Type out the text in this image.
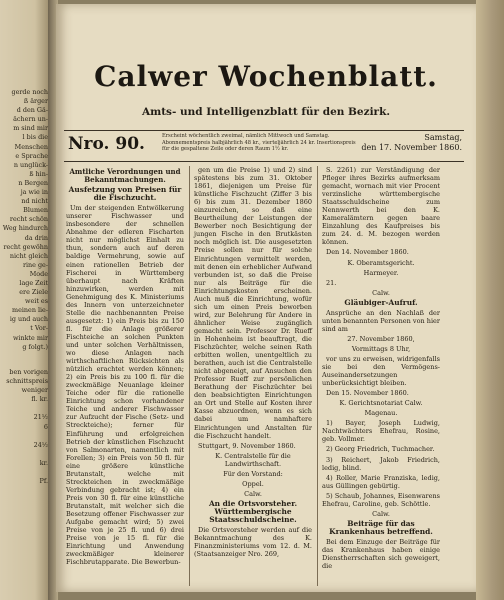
gerde noch
ß ärger
d den Gä-
ächern un-
m sind mir
l bis die
Menschen
e Sprache
n unglück-
ß hin-
n Bergen
ja wie in
nd nicht
Blumen
recht schön
Weg hindurch
da drin
recht gewöhn
nicht gleich
rine ge-
Mode
lage Zeit
ere Ziele
weit es
meinen lie-
ig und auch
t Vor-
winkte mir
g folgt.)
ben vorigen
schnittspreis
weniger
fl. kr.

21½
6

24½

kr.

Pf.
Calwer Wochenblatt.
Amts- und Intelligenzblatt für den Bezirk.
Nro. 90.	Erscheint wöchentlich zweimal, nämlich Mittwoch und Samstag. Abonnementspreis halbjährlich 48 kr., vierteljährlich 24 kr. Insertionspreis für die gespaltene Zeile oder deren Raum 1½ kr.
Samstag,
den 17. November 1860.

Amtliche Verordnungen und Bekanntmachungen.

Ausfetzung von Preisen für die Fischzucht.

Um der steigenden Entwölkerung unserer Fischwasser und insbesondere der schnellen Abnahme der edleren Fischarten nicht nur möglichst Einhalt zu thun, sondern auch auf deren baldige Vermehrung, sowie auf einen rationellen Betrieb der Fischerei in Württemberg überhaupt nach Kräften hinzuwirken, werden mit Genehmigung des K. Ministeriums des Innern von unterzeichneter Stelle die nachbenannten Preise ausgesetzt: 1) ein Preis bis zu 150 fl. für die Anlage größerer Fischteiche an solchen Punkten und unter solchen Verhältnissen, wo diese Anlagen nach wirthschaftlichen Rücksichten als nützlich erachtet werden können; 2) ein Preis bis zu 100 fl. für die zweckmäßige Neuanlage kleiner Teiche oder für die rationelle Einrichtung schon vorhandener Teiche und anderer Fischwasser zur Aufzucht der Fische (Setz- und Streckteiche); ferner für Einführung und erfolgreichen Betrieb der künstlichen Fischzucht von Salmonarten, namentlich mit Forellen; 3) ein Preis von 50 fl. für eine größere künstliche Brutanstalt, welche mit Streckteichen in zweckmäßige Verbindung gebracht ist; 4) ein Preis von 30 fl. für eine künstliche Brutanstalt, mit welcher sich die Besetzung offener Fischwasser zur Aufgabe gemacht wird; 5) zwei Preise von je 25 fl. und 6) drei Preise von je 15 fl. für die Einrichtung und Anwendung zweckmäßiger kleinerer Fischbrutapparate. Die Bewerbun-

gen um die Preise 1) und 2) sind spätestens bis zum 31. Oktober 1861, diejenigen um Preise für künstliche Fischzucht (Ziffer 3 bis 6) bis zum 31. Dezember 1860 einzureichen, so daß eine Beurtheilung der Leistungen der Bewerber noch Besichtigung der jungen Fische in den Brutkästen noch möglich ist. Die ausgesetzten Preise sollen nur für solche Einrichtungen vermittelt werden, mit denen ein erheblicher Aufwand verbunden ist, so daß die Preise nur als Beiträge für die Einrichtungskosten erscheinen. Auch muß die Einrichtung, wofür sich um einen Preis beworben wird, zur Belehrung für Andere in ähnlicher Weise zugänglich gemacht sein. Professor Dr. Rueff in Hohenheim ist beauftragt, die Fischzüchter, welche seinen Rath erbitten wollen, unentgeltlich zu berathen, auch ist die Centralstelle nicht abgeneigt, auf Ansuchen den Professor Rueff zur persönlichen Berathung der Fischzüchter bei den beabsichtigten Einrichtungen an Ort und Stelle auf Kosten ihrer Kasse abzuordnen, wenn es sich dabei um namhaftere Einrichtungen und Anstalten für die Fischzucht handelt.

Stuttgart, 9. November 1860.

K. Centralstelle für die Landwirthschaft.

Für den Vorstand:

Oppel.

Calw.

An die Ortsvorsteher. Württembergische Staatsschuldscheine.

Die Ortsvorsteher werden auf die Bekanntmachung des K. Finanzministeriums vom 12. d. M. (Staatsanzeiger Nro. 269,

S. 2261) zur Verständigung der Pfleger ihres Bezirks aufmerksam gemacht, wornach mit vier Procent verzinsliche württembergische Staatsschuldscheine zum Nennwerth bei den K. Kameralämtern gegen baare Einzahlung des Kaufpreises bis zum 24. d. M. bezogen werden können.

Den 14. November 1860.

K. Oberamtsgericht.

Harmeyer.

21.

Calw.

Gläubiger-Aufruf.

Ansprüche an den Nachlaß der unten benannten Personen von hier sind am

27. November 1860,

Vormittags 8 Uhr,

vor uns zu erweisen, widrigenfalls sie bei den Vermögens-Auseinandersetzungen unberücksichtigt bleiben.

Den 15. November 1860.

K. Gerichtsnotariat Calw.

Magenau.

1) Bayer, Joseph Ludwig, Nachtwächters Ehefrau, Rosine, geb. Vollmer.

2) Georg Friedrich, Tuchmacher.

3) Reichert, Jakob Friedrich, ledig, blind.

4) Roller, Marie Franziska, ledig, aus Güllingen gebürtig.

5) Schaub, Johannes, Eisenwarens Ehefrau, Caroline, geb. Schöttle.

Calw.

Beiträge für das Krankenhaus betreffend.

Bei dem Einzuge der Beiträge für das Krankenhaus haben einige Dienstherrschaften sich geweigert, die
